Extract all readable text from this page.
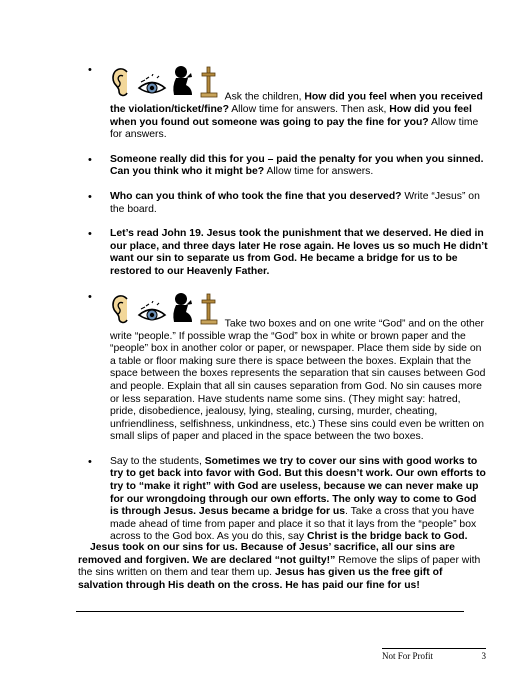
•
Ask the children, How did you feel when you received the violation/ticket/fine? Allow time for answers. Then ask, How did you feel when you found out someone was going to pay the fine for you? Allow time for answers.
• Someone really did this for you – paid the penalty for you when you sinned. Can you think who it might be? Allow time for answers.
• Who can you think of who took the fine that you deserved? Write “Jesus” on the board.
• Let’s read John 19. Jesus took the punishment that we deserved. He died in our place, and three days later He rose again. He loves us so much He didn’t want our sin to separate us from God. He became a bridge for us to be restored to our Heavenly Father.
•
Take two boxes and on one write “God” and on the other write “people.” If possible wrap the “God” box in white or brown paper and the “people” box in another color or paper, or newspaper. Place them side by side on a table or floor making sure there is space between the boxes. Explain that the space between the boxes represents the separation that sin causes between God and people. Explain that all sin causes separation from God. No sin causes more or less separation. Have students name some sins. (They might say: hatred, pride, disobedience, jealousy, lying, stealing, cursing, murder, cheating, unfriendliness, selfishness, unkindness, etc.) These sins could even be written on small slips of paper and placed in the space between the two boxes.
• Say to the students, Sometimes we try to cover our sins with good works to try to get back into favor with God. But this doesn’t work. Our own efforts to try to “make it right” with God are useless, because we can never make up for our wrongdoing through our own efforts. The only way to come to God is through Jesus. Jesus became a bridge for us. Take a cross that you have made ahead of time from paper and place it so that it lays from the “people” box across to the God box. As you do this, say Christ is the bridge back to God.
Jesus took on our sins for us. Because of Jesus’ sacrifice, all our sins are removed and forgiven. We are declared “not guilty!” Remove the slips of paper with the sins written on them and tear them up. Jesus has given us the free gift of salvation through His death on the cross. He has paid our fine for us!
Not For Profit	3
